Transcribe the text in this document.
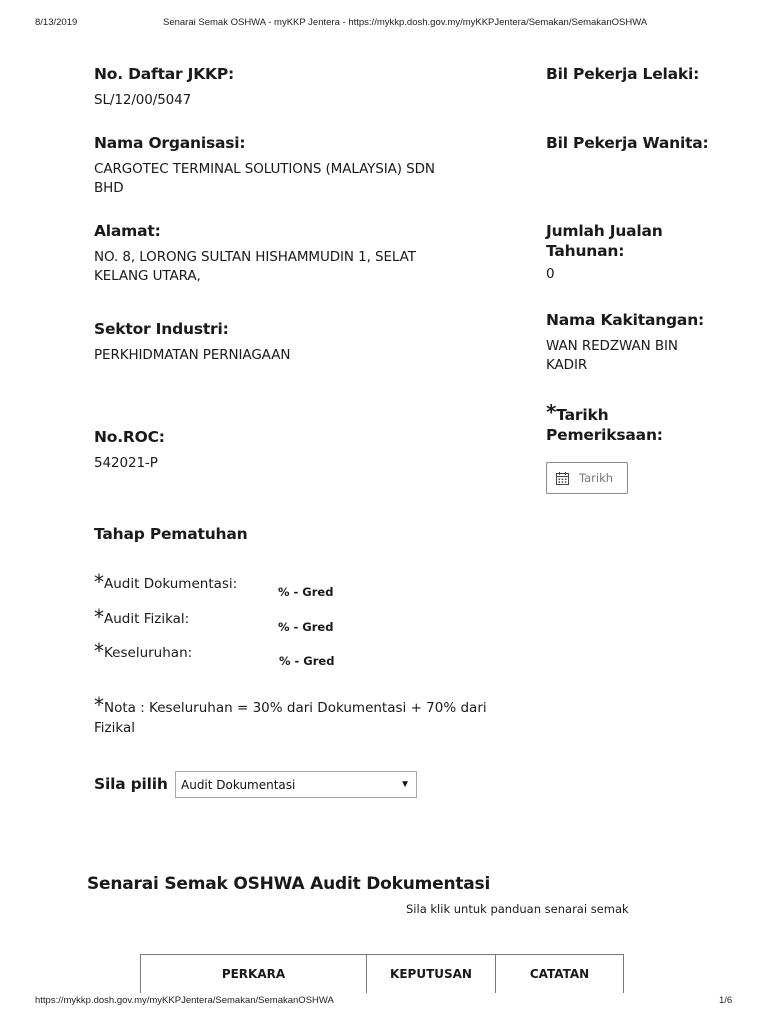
8/13/2019	Senarai Semak OSHWA - myKKP Jentera - https://mykkp.dosh.gov.my/myKKPJentera/Semakan/SemakanOSHWA
No. Daftar JKKP:
SL/12/00/5047
Nama Organisasi:
CARGOTEC TERMINAL SOLUTIONS (MALAYSIA) SDN
BHD
Alamat:
NO. 8, LORONG SULTAN HISHAMMUDIN 1, SELAT
KELANG UTARA,
Sektor Industri:
PERKHIDMATAN PERNIAGAAN
No.ROC:
542021-P
Bil Pekerja Lelaki:
Bil Pekerja Wanita:
Jumlah Jualan
Tahunan:
0
Nama Kakitangan:
WAN REDZWAN BIN
KADIR
*Tarikh
Pemeriksaan:
Tarikh
Tahap Pematuhan
*Audit Dokumentasi:	% - Gred
*Audit Fizikal:	% - Gred
*Keseluruhan:	% - Gred
*Nota : Keseluruhan = 30% dari Dokumentasi + 70% dari
Fizikal
Sila pilih Audit Dokumentasi	▼
Senarai Semak OSHWA Audit Dokumentasi
Sila klik untuk panduan senarai semak
PERKARA	KEPUTUSAN	CATATAN
https://mykkp.dosh.gov.my/myKKPJentera/Semakan/SemakanOSHWA	1/6
